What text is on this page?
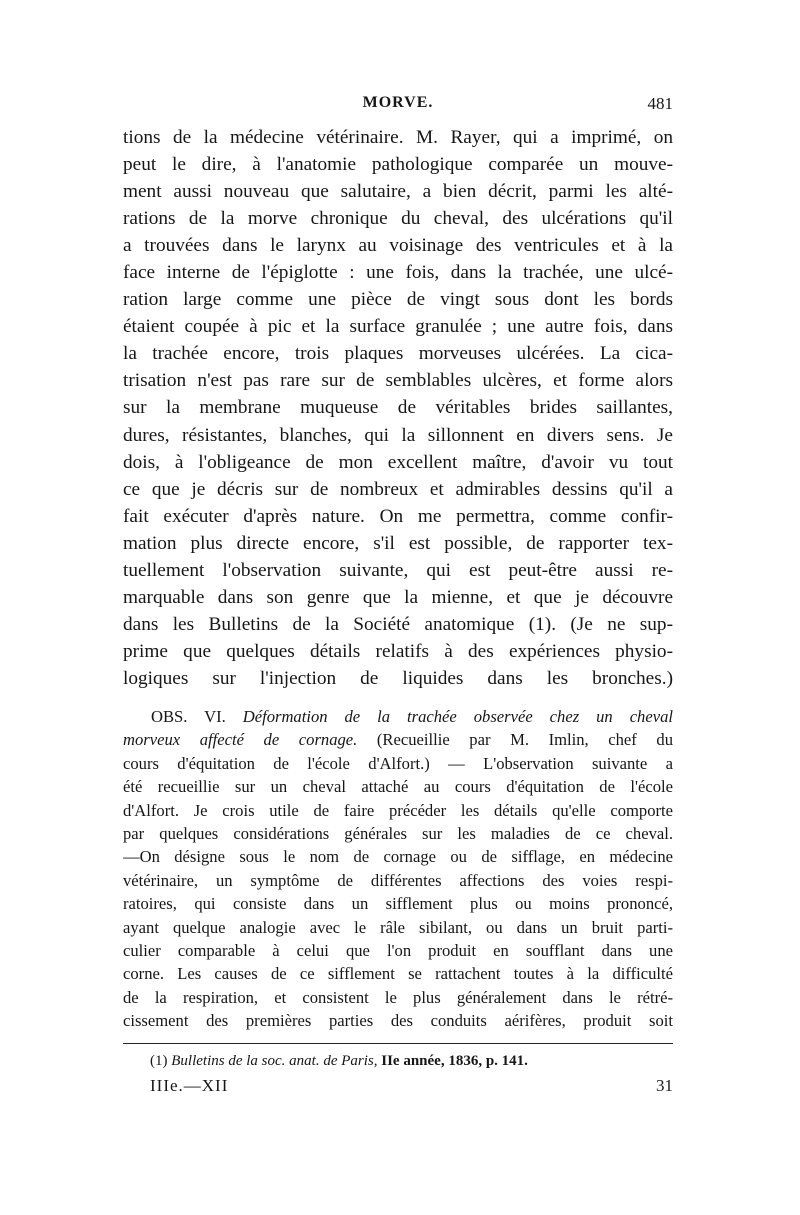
MORVE.	481
tions de la médecine vétérinaire. M. Rayer, qui a imprimé, on
peut le dire, à l'anatomie pathologique comparée un mouve-
ment aussi nouveau que salutaire, a bien décrit, parmi les alté-
rations de la morve chronique du cheval, des ulcérations qu'il
a trouvées dans le larynx au voisinage des ventricules et à la
face interne de l'épiglotte : une fois, dans la trachée, une ulcé-
ration large comme une pièce de vingt sous dont les bords
étaient coupée à pic et la surface granulée ; une autre fois, dans
la trachée encore, trois plaques morveuses ulcérées. La cica-
trisation n'est pas rare sur de semblables ulcères, et forme alors
sur la membrane muqueuse de véritables brides saillantes,
dures, résistantes, blanches, qui la sillonnent en divers sens. Je
dois, à l'obligeance de mon excellent maître, d'avoir vu tout
ce que je décris sur de nombreux et admirables dessins qu'il a
fait exécuter d'après nature. On me permettra, comme confir-
mation plus directe encore, s'il est possible, de rapporter tex-
tuellement l'observation suivante, qui est peut-être aussi re-
marquable dans son genre que la mienne, et que je découvre
dans les Bulletins de la Société anatomique (1). (Je ne sup-
prime que quelques détails relatifs à des expériences physio-
logiques sur l'injection de liquides dans les bronches.)
OBS. VI. Déformation de la trachée observée chez un cheval
morveux affecté de cornage. (Recueillie par M. Imlin, chef du
cours d'équitation de l'école d'Alfort.) — L'observation suivante a
été recueillie sur un cheval attaché au cours d'équitation de l'école
d'Alfort. Je crois utile de faire précéder les détails qu'elle comporte
par quelques considérations générales sur les maladies de ce cheval.
—On désigne sous le nom de cornage ou de sifflage, en médecine
vétérinaire, un symptôme de différentes affections des voies respi-
ratoires, qui consiste dans un sifflement plus ou moins prononcé,
ayant quelque analogie avec le râle sibilant, ou dans un bruit parti-
culier comparable à celui que l'on produit en soufflant dans une
corne. Les causes de ce sifflement se rattachent toutes à la difficulté
de la respiration, et consistent le plus généralement dans le rétré-
cissement des premières parties des conduits aérifères, produit soit
(1) Bulletins de la soc. anat. de Paris, IIe année, 1836, p. 141.
IIIe.—XII	31
